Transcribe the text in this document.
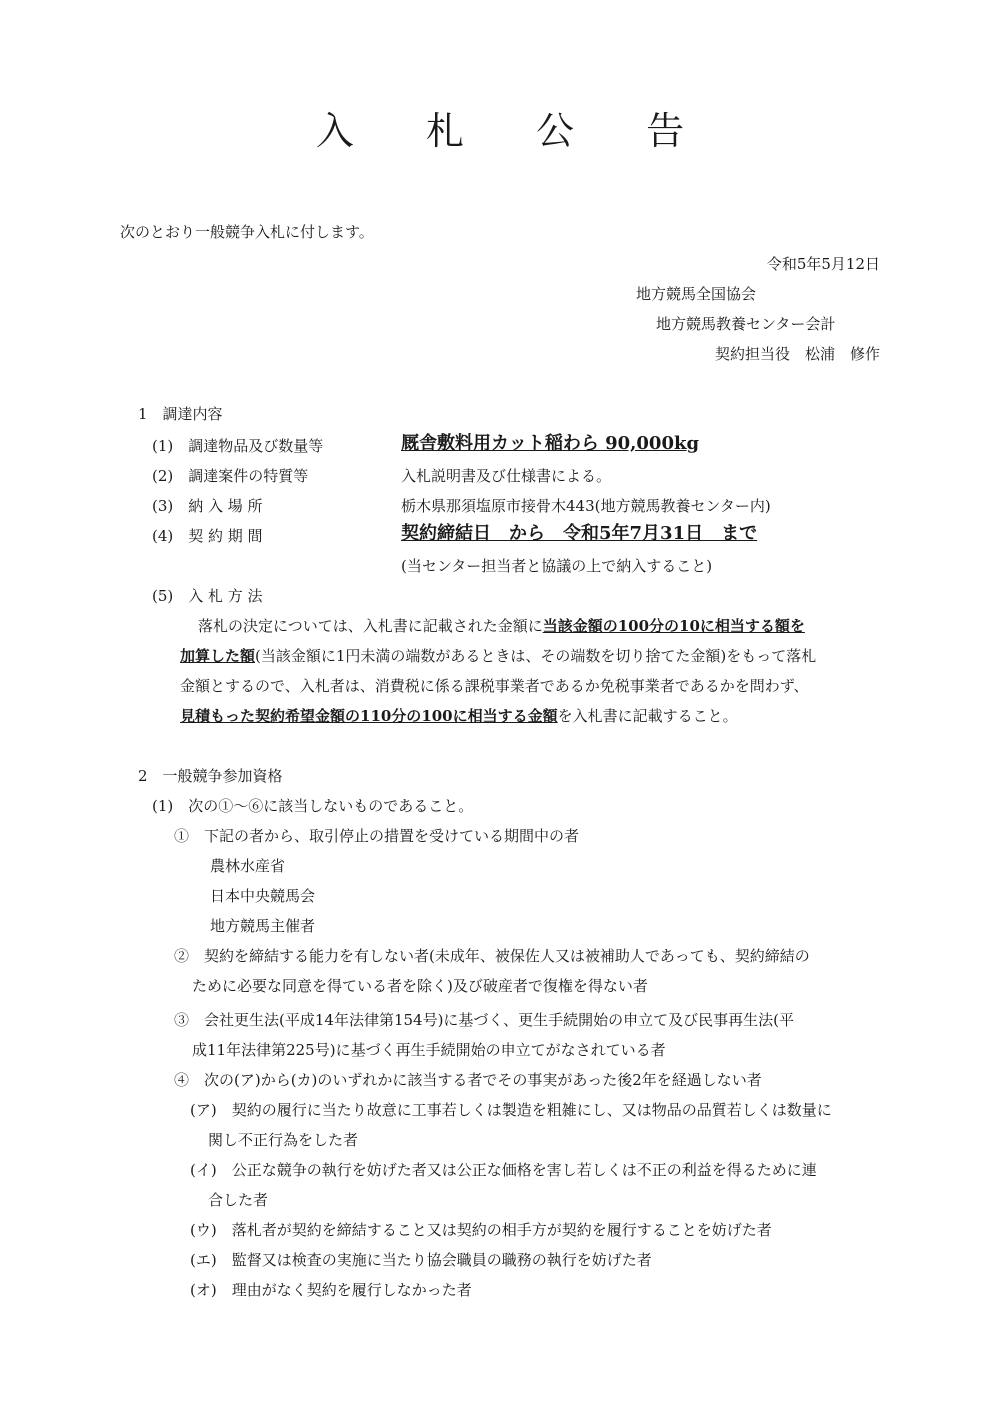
入 札 公 告
次のとおり一般競争入札に付します。
令和5年5月12日
地方競馬全国協会
地方競馬教養センター会計
契約担当役　松浦　修作
1　調達内容
(1)　調達物品及び数量等	厩舎敷料用カット稲わら 90,000kg
(2)　調達案件の特質等	入札説明書及び仕様書による。
(3)　納 入 場 所	栃木県那須塩原市接骨木443(地方競馬教養センター内)
(4)　契 約 期 間	契約締結日　から　令和5年7月31日　まで
(当センター担当者と協議の上で納入すること)
(5)　入 札 方 法
落札の決定については、入札書に記載された金額に当該金額の100分の10に相当する額を
加算した額(当該金額に1円未満の端数があるときは、その端数を切り捨てた金額)をもって落札
金額とするので、入札者は、消費税に係る課税事業者であるか免税事業者であるかを問わず、
見積もった契約希望金額の110分の100に相当する金額を入札書に記載すること。
2　一般競争参加資格
(1)　次の①～⑥に該当しないものであること。
①　下記の者から、取引停止の措置を受けている期間中の者
農林水産省
日本中央競馬会
地方競馬主催者
②　契約を締結する能力を有しない者(未成年、被保佐人又は被補助人であっても、契約締結の
ために必要な同意を得ている者を除く)及び破産者で復権を得ない者
③　会社更生法(平成14年法律第154号)に基づく、更生手続開始の申立て及び民事再生法(平
成11年法律第225号)に基づく再生手続開始の申立てがなされている者
④　次の(ア)から(カ)のいずれかに該当する者でその事実があった後2年を経過しない者
(ア)　契約の履行に当たり故意に工事若しくは製造を粗雑にし、又は物品の品質若しくは数量に
関し不正行為をした者
(イ)　公正な競争の執行を妨げた者又は公正な価格を害し若しくは不正の利益を得るために連
合した者
(ウ)　落札者が契約を締結すること又は契約の相手方が契約を履行することを妨げた者
(エ)　監督又は検査の実施に当たり協会職員の職務の執行を妨げた者
(オ)　理由がなく契約を履行しなかった者
